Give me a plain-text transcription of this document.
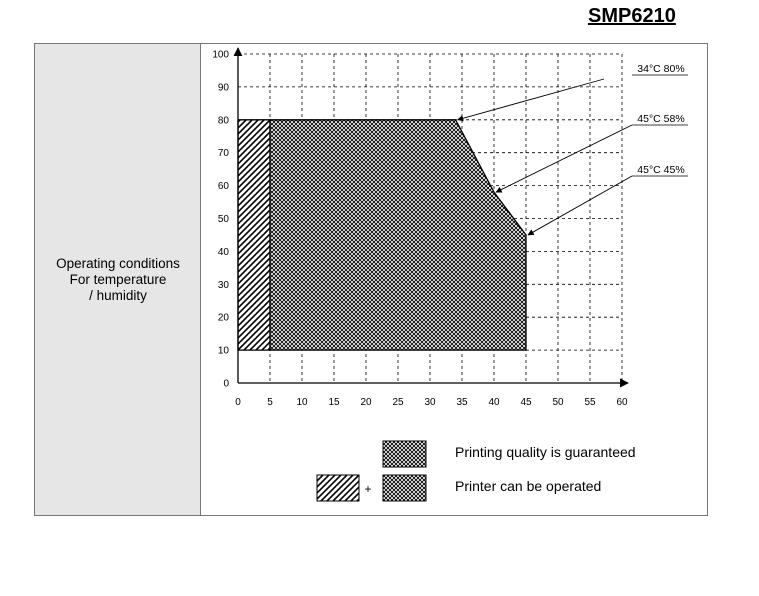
SMP6210
Operating conditions
For temperature
/ humidity
0
10
20
30
40
50
60
70
80
90
100
0	5 10 15 20 25 30 35 40 45 50 55 60
34°C 80%
45°C 58%
45°C 45%
+
Printing quality is guaranteed
Printer can be operated
